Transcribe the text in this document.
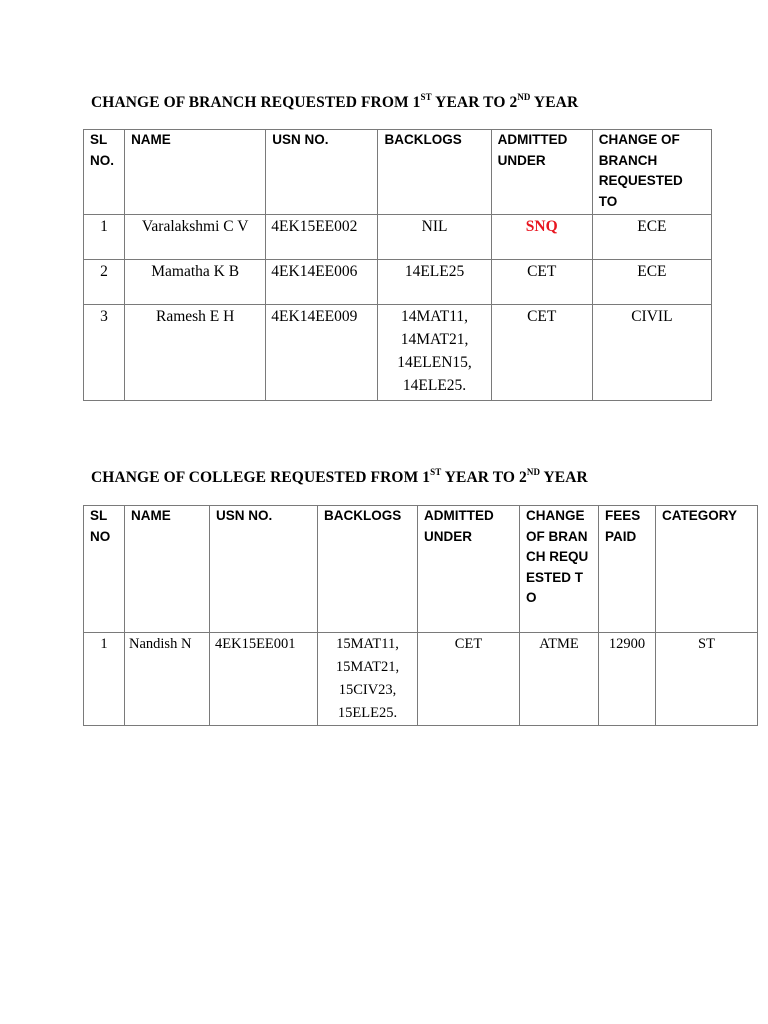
CHANGE OF BRANCH REQUESTED FROM 1ST YEAR TO 2ND YEAR
SL NO.	NAME	USN NO.	BACKLOGS	ADMITTED UNDER	CHANGE OF BRANCH REQUESTED TO
1	Varalakshmi C V	4EK15EE002	NIL	SNQ	ECE
2	Mamatha K B	4EK14EE006	14ELE25	CET	ECE
3	Ramesh E H	4EK14EE009	14MAT11, 14MAT21, 14ELEN15, 14ELE25.	CET	CIVIL
CHANGE OF COLLEGE REQUESTED FROM 1ST YEAR TO 2ND YEAR
SL NO	NAME	USN NO.	BACKLOGS	ADMITTED UNDER	CHANGE OF BRANCH REQUESTED TO	FEES PAID	CATEGORY
1	Nandish N	4EK15EE001	15MAT11, 15MAT21, 15CIV23, 15ELE25.	CET	ATME	12900	ST
